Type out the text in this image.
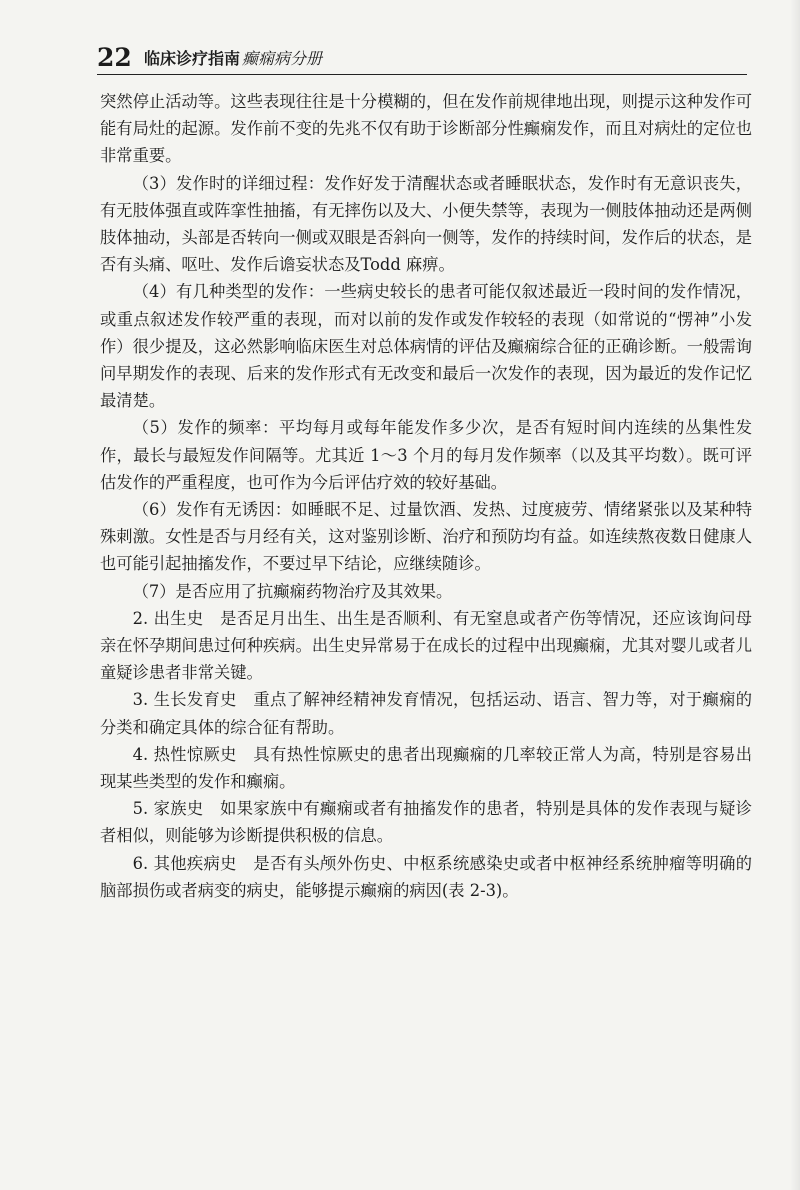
22 临床诊疗指南 癫痫病分册

突然停止活动等。这些表现往往是十分模糊的，但在发作前规律地出现，则提示这种发作可能有局灶的起源。发作前不变的先兆不仅有助于诊断部分性癫痫发作，而且对病灶的定位也非常重要。

（3）发作时的详细过程：发作好发于清醒状态或者睡眠状态，发作时有无意识丧失，有无肢体强直或阵挛性抽搐，有无摔伤以及大、小便失禁等，表现为一侧肢体抽动还是两侧肢体抽动，头部是否转向一侧或双眼是否斜向一侧等，发作的持续时间，发作后的状态，是否有头痛、呕吐、发作后谵妄状态及Todd 麻痹。

（4）有几种类型的发作：一些病史较长的患者可能仅叙述最近一段时间的发作情况，或重点叙述发作较严重的表现，而对以前的发作或发作较轻的表现（如常说的“愣神”小发作）很少提及，这必然影响临床医生对总体病情的评估及癫痫综合征的正确诊断。一般需询问早期发作的表现、后来的发作形式有无改变和最后一次发作的表现，因为最近的发作记忆最清楚。

（5）发作的频率：平均每月或每年能发作多少次，是否有短时间内连续的丛集性发作，最长与最短发作间隔等。尤其近 1～3 个月的每月发作频率（以及其平均数）。既可评估发作的严重程度，也可作为今后评估疗效的较好基础。

（6）发作有无诱因：如睡眠不足、过量饮酒、发热、过度疲劳、情绪紧张以及某种特殊刺激。女性是否与月经有关，这对鉴别诊断、治疗和预防均有益。如连续熬夜数日健康人也可能引起抽搐发作，不要过早下结论，应继续随诊。

（7）是否应用了抗癫痫药物治疗及其效果。

2. 出生史　是否足月出生、出生是否顺利、有无窒息或者产伤等情况，还应该询问母亲在怀孕期间患过何种疾病。出生史异常易于在成长的过程中出现癫痫，尤其对婴儿或者儿童疑诊患者非常关键。

3. 生长发育史　重点了解神经精神发育情况，包括运动、语言、智力等，对于癫痫的分类和确定具体的综合征有帮助。

4. 热性惊厥史　具有热性惊厥史的患者出现癫痫的几率较正常人为高，特别是容易出现某些类型的发作和癫痫。

5. 家族史　如果家族中有癫痫或者有抽搐发作的患者，特别是具体的发作表现与疑诊者相似，则能够为诊断提供积极的信息。

6. 其他疾病史　是否有头颅外伤史、中枢系统感染史或者中枢神经系统肿瘤等明确的脑部损伤或者病变的病史，能够提示癫痫的病因(表 2-3)。
